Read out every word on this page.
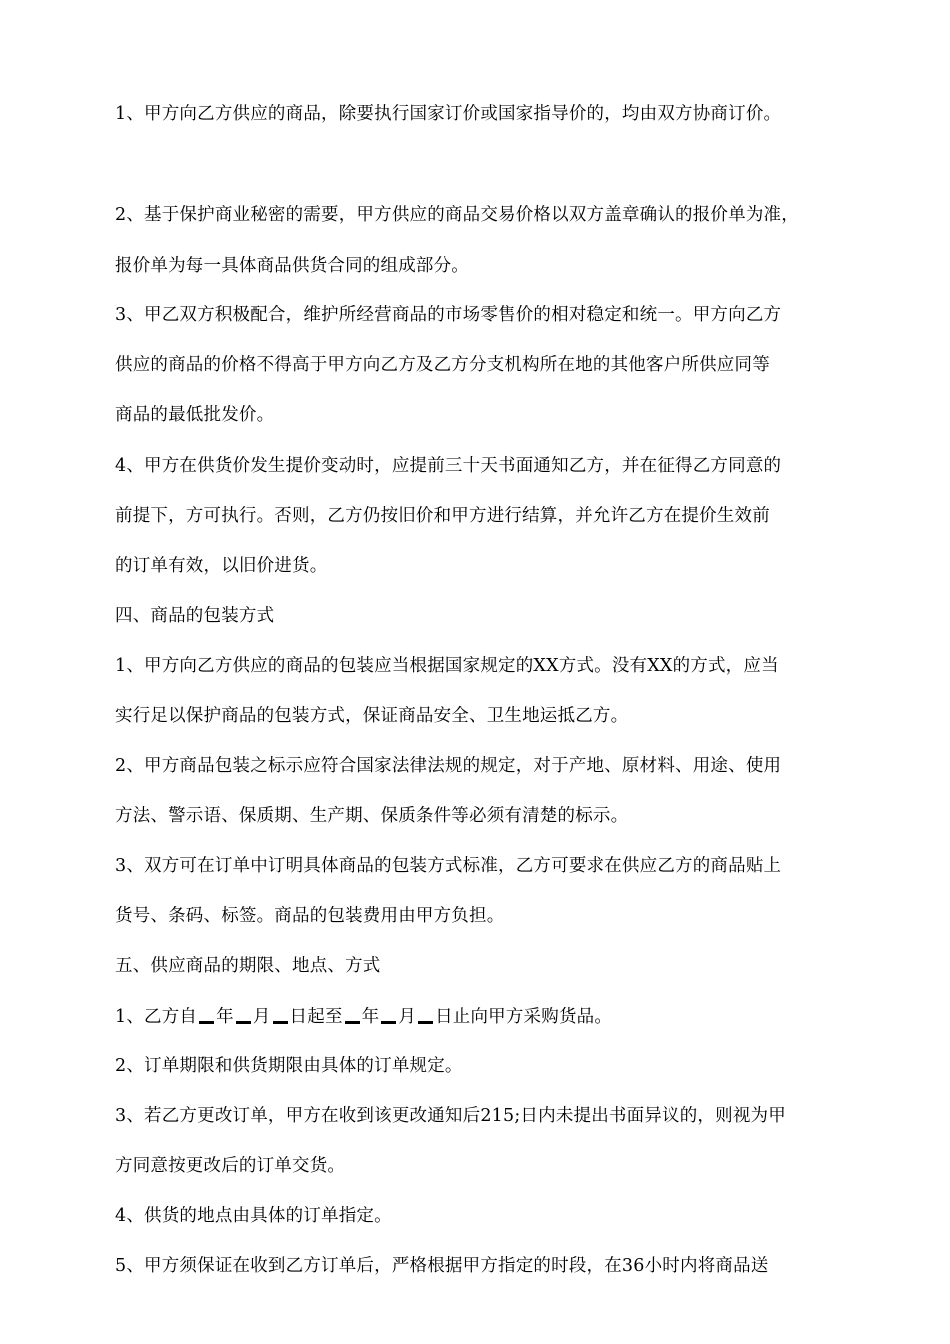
1、甲方向乙方供应的商品，除要执行国家订价或国家指导价的，均由双方协商订价。
2、基于保护商业秘密的需要，甲方供应的商品交易价格以双方盖章确认的报价单为准，
报价单为每一具体商品供货合同的组成部分。
3、甲乙双方积极配合，维护所经营商品的市场零售价的相对稳定和统一。甲方向乙方
供应的商品的价格不得高于甲方向乙方及乙方分支机构所在地的其他客户所供应同等
商品的最低批发价。
4、甲方在供货价发生提价变动时，应提前三十天书面通知乙方，并在征得乙方同意的
前提下，方可执行。否则，乙方仍按旧价和甲方进行结算，并允许乙方在提价生效前
的订单有效，以旧价进货。
四、商品的包装方式
1、甲方向乙方供应的商品的包装应当根据国家规定的XX方式。没有XX的方式，应当
实行足以保护商品的包装方式，保证商品安全、卫生地运抵乙方。
2、甲方商品包装之标示应符合国家法律法规的规定，对于产地、原材料、用途、使用
方法、警示语、保质期、生产期、保质条件等必须有清楚的标示。
3、双方可在订单中订明具体商品的包装方式标准，乙方可要求在供应乙方的商品贴上
货号、条码、标签。商品的包装费用由甲方负担。
五、供应商品的期限、地点、方式
1、乙方自 年 月 日起至 年 月 日止向甲方采购货品。
2、订单期限和供货期限由具体的订单规定。
3、若乙方更改订单，甲方在收到该更改通知后215;日内未提出书面异议的，则视为甲
方同意按更改后的订单交货。
4、供货的地点由具体的订单指定。
5、甲方须保证在收到乙方订单后，严格根据甲方指定的时段，在36小时内将商品送
